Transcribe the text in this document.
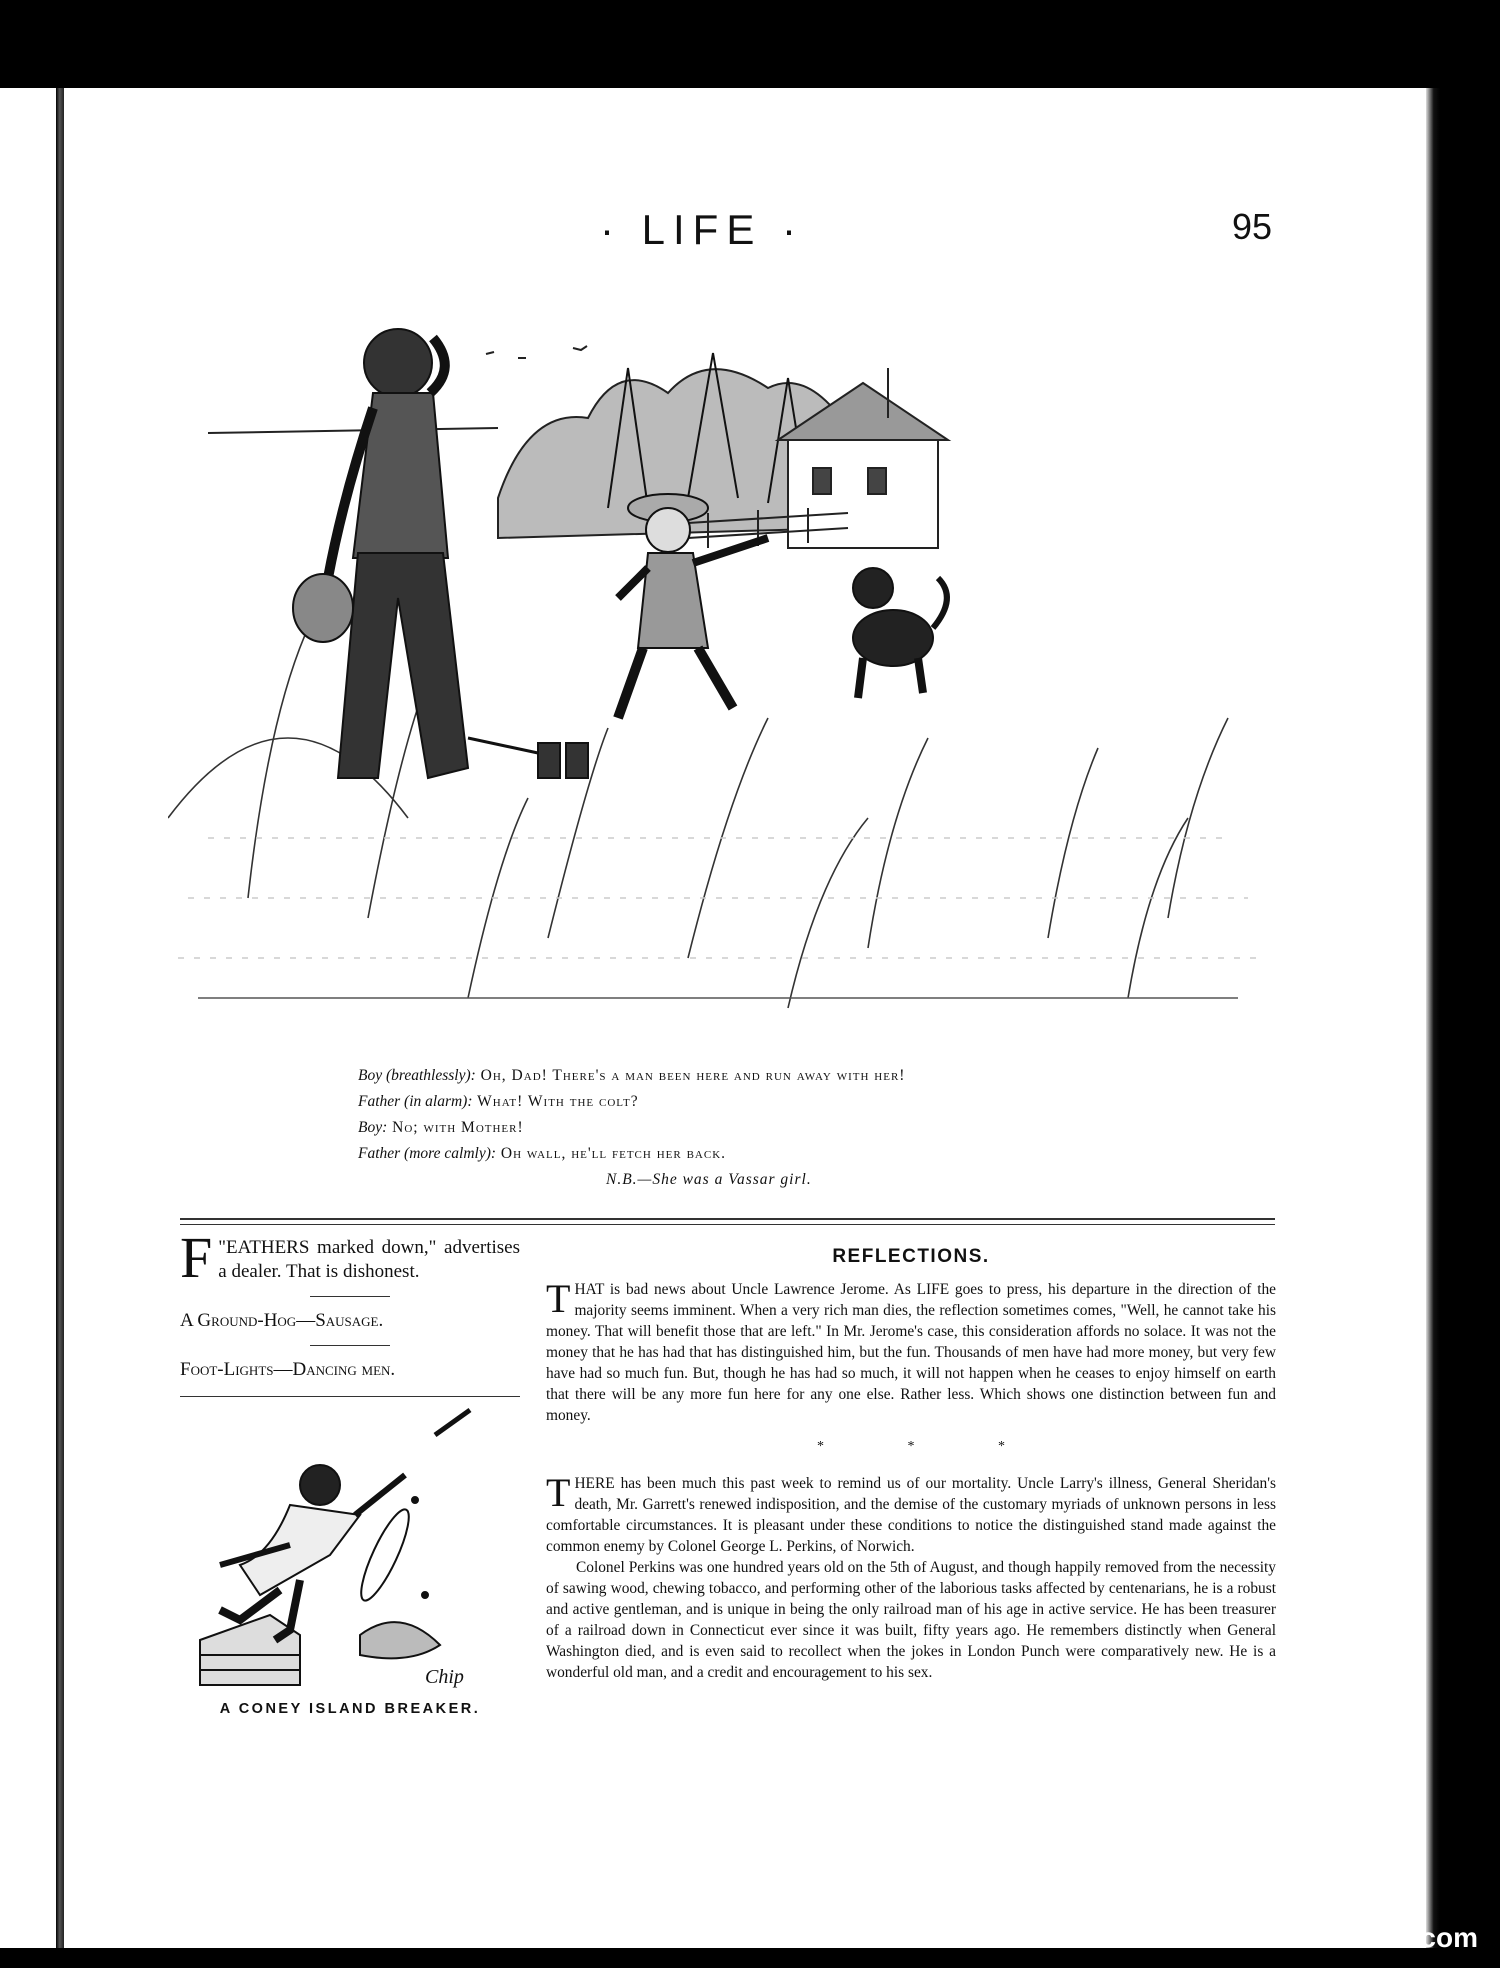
· LIFE ·	95
Boy (breathlessly): Oh, Dad! There's a man been here and run away with her!
Father (in alarm): What! With the colt?
Boy: No; with Mother!
Father (more calmly): Oh wall, he'll fetch her back.
N.B.—She was a Vassar girl.

"
F EATHERS marked down," advertises a dealer. That is dishonest.

A Ground-Hog—Sausage.

Foot-Lights—Dancing men.

Chip
A CONEY ISLAND BREAKER.
REFLECTIONS.

THAT is bad news about Uncle Lawrence Jerome. As LIFE goes to press, his departure in the direction of the majority seems imminent. When a very rich man dies, the reflection sometimes comes, "Well, he cannot take his money. That will benefit those that are left." In Mr. Jerome's case, this consideration affords no solace. It was not the money that he has had that has distinguished him, but the fun. Thousands of men have had more money, but very few have had so much fun. But, though he has had so much, it will not happen when he ceases to enjoy himself on earth that there will be any more fun here for any one else. Rather less. Which shows one distinction between fun and money.

* * *

THERE has been much this past week to remind us of our mortality. Uncle Larry's illness, General Sheridan's death, Mr. Garrett's renewed indisposition, and the demise of the customary myriads of unknown persons in less comfortable circumstances. It is pleasant under these conditions to notice the distinguished stand made against the common enemy by Colonel George L. Perkins, of Norwich.

Colonel Perkins was one hundred years old on the 5th of August, and though happily removed from the necessity of sawing wood, chewing tobacco, and performing other of the laborious tasks affected by centenarians, he is a robust and active gentleman, and is unique in being the only railroad man of his age in active service. He has been treasurer of a railroad down in Connecticut ever since it was built, fifty years ago. He remembers distinctly when General Washington died, and is even said to recollect when the jokes in London Punch were comparatively new. He is a wonderful old man, and a credit and encouragement to his sex.

comicbooks.com
